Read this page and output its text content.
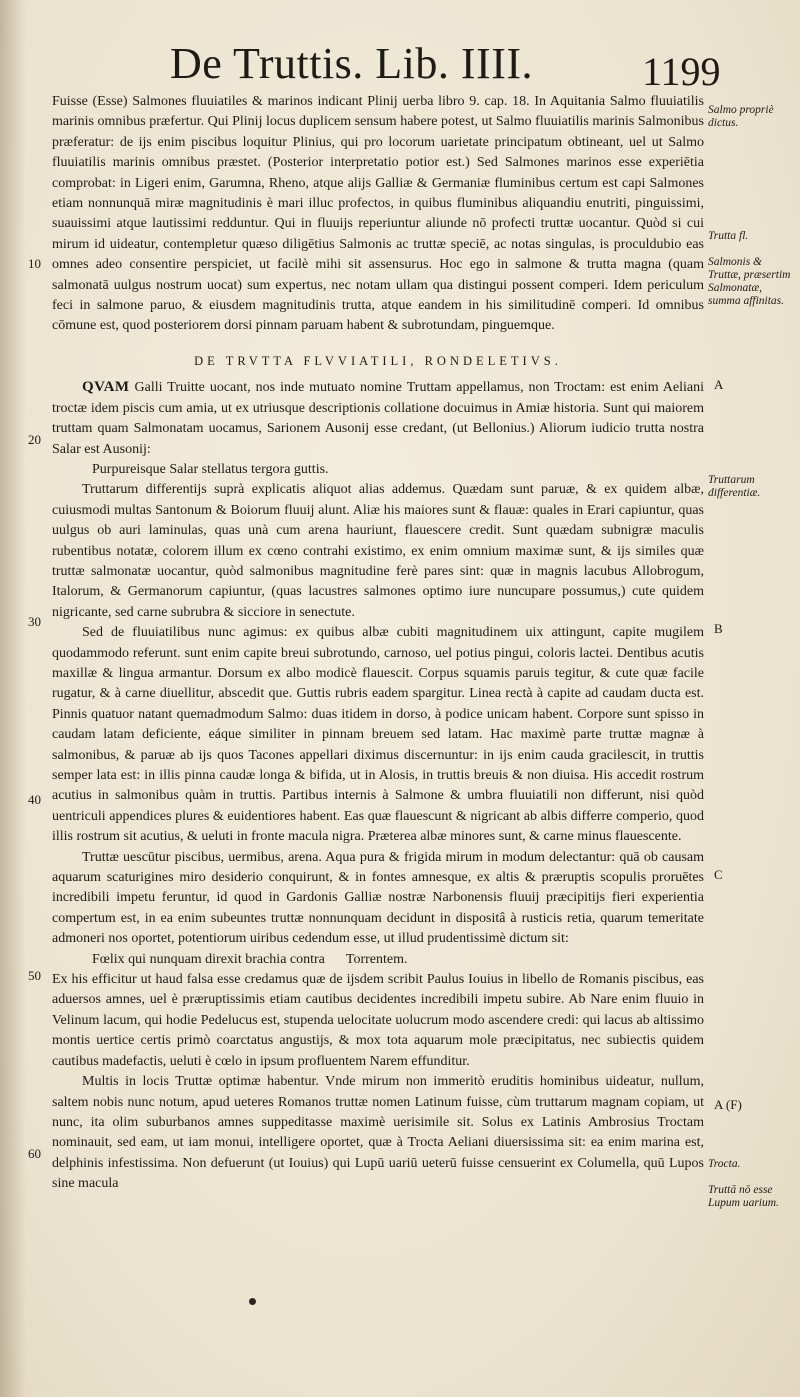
De Truttis. Lib. IIII.	1199
10
20
30
40
50
60

Fuisse (Esse) Salmones fluuiatiles & marinos indicant Plinij uerba libro 9. cap. 18. In Aquitania Salmo fluuiatilis marinis omnibus præfertur. Qui Plinij locus duplicem sensum habere potest, ut Salmo fluuiatilis marinis Salmonibus præferatur: de ijs enim piscibus loquitur Plinius, qui pro locorum uarietate principatum obtineant, uel ut Salmo fluuiatilis marinis omnibus præstet. (Posterior interpretatio potior est.) Sed Salmones marinos esse experiētia comprobat: in Ligeri enim, Garumna, Rheno, atque alijs Galliæ & Germaniæ fluminibus certum est capi Salmones etiam nonnunquā miræ magnitudinis è mari illuc profectos, in quibus fluminibus aliquandiu enutriti, pinguissimi, suauissimi atque lautissimi redduntur. Qui in fluuijs reperiuntur aliunde nō profecti truttæ uocantur. Quòd si cui mirum id uideatur, contempletur quæso diligētius Salmonis ac truttæ speciē, ac notas singulas, is proculdubio eas omnes adeo consentire perspiciet, ut facilè mihi sit assensurus. Hoc ego in salmone & trutta magna (quam salmonatā uulgus nostrum uocat) sum expertus, nec notam ullam qua distingui possent comperi. Idem periculum feci in salmone paruo, & eiusdem magnitudinis trutta, atque eandem in his similitudinē comperi. Id omnibus cōmune est, quod posteriorem dorsi pinnam paruam habent & subrotundam, pinguemque.

DE TRVTTA FLVVIATILI, RONDELETIVS.

QVAM Galli Truitte uocant, nos inde mutuato nomine Truttam appellamus, non Troctam: est enim Aeliani troctæ idem piscis cum amia, ut ex utriusque descriptionis collatione docuimus in Amiæ historia. Sunt qui maiorem truttam quam Salmonatam uocamus, Sarionem Ausonij esse credant, (ut Bellonius.) Aliorum iudicio trutta nostra Salar est Ausonij:

Purpureisque Salar stellatus tergora guttis.

Truttarum differentijs suprà explicatis aliquot alias addemus. Quædam sunt paruæ, & ex quidem albæ, cuiusmodi multas Santonum & Boiorum fluuij alunt. Aliæ his maiores sunt & flauæ: quales in Erari capiuntur, quas uulgus ob auri laminulas, quas unà cum arena hauriunt, flauescere credit. Sunt quædam subnigræ maculis rubentibus notatæ, colorem illum ex cœno contrahi existimo, ex enim omnium maximæ sunt, & ijs similes quæ truttæ salmonatæ uocantur, quòd salmonibus magnitudine ferè pares sint: quæ in magnis lacubus Allobrogum, Italorum, & Germanorum capiuntur, (quas lacustres salmones optimo iure nuncupare possumus,) cute quidem nigricante, sed carne subrubra & sicciore in senectute.

Sed de fluuiatilibus nunc agimus: ex quibus albæ cubiti magnitudinem uix attingunt, capite mugilem quodammodo referunt. sunt enim capite breui subrotundo, carnoso, uel potius pingui, coloris lactei. Dentibus acutis maxillæ & lingua armantur. Dorsum ex albo modicè flauescit. Corpus squamis paruis tegitur, & cute quæ facile rugatur, & à carne diuellitur, abscedit que. Guttis rubris eadem spargitur. Linea rectà à capite ad caudam ducta est. Pinnis quatuor natant quemadmodum Salmo: duas itidem in dorso, à podice unicam habent. Corpore sunt spisso in caudam latam deficiente, eáque similiter in pinnam breuem sed latam. Hac maximè parte truttæ magnæ à salmonibus, & paruæ ab ijs quos Tacones appellari diximus discernuntur: in ijs enim cauda gracilescit, in truttis semper lata est: in illis pinna caudæ longa & bifida, ut in Alosis, in truttis breuis & non diuisa. His accedit rostrum acutius in salmonibus quàm in truttis. Partibus internis à Salmone & umbra fluuiatili non differunt, nisi quòd uentriculi appendices plures & euidentiores habent. Eas quæ flauescunt & nigricant ab albis differre comperio, quod illis rostrum sit acutius, & ueluti in fronte macula nigra. Præterea albæ minores sunt, & carne minus flauescente.

Truttæ uescūtur piscibus, uermibus, arena. Aqua pura & frigida mirum in modum delectantur: quā ob causam aquarum scaturigines miro desiderio conquirunt, & in fontes amnesque, ex altis & præruptis scopulis proruētes incredibili impetu feruntur, id quod in Gardonis Galliæ nostræ Narbonensis fluuij præcipitijs fieri experientia compertum est, in ea enim subeuntes truttæ nonnunquam decidunt in dispositâ à rusticis retia, quarum temeritate admoneri nos oportet, potentiorum uiribus cedendum esse, ut illud prudentissimè dictum sit:

Fœlix qui nunquam direxit brachia contra Torrentem.

Ex his efficitur ut haud falsa esse credamus quæ de ijsdem scribit Paulus Iouius in libello de Romanis piscibus, eas aduersos amnes, uel è præruptissimis etiam cautibus decidentes incredibili impetu subire. Ab Nare enim fluuio in Velinum lacum, qui hodie Pedelucus est, stupenda uelocitate uolucrum modo ascendere credi: qui lacus ab altissimo montis uertice certis primò coarctatus angustijs, & mox tota aquarum mole præcipitatus, nec subiectis quidem cautibus madefactis, ueluti è cœlo in ipsum profluentem Narem effunditur.

Multis in locis Truttæ optimæ habentur. Vnde mirum non immeritò eruditis hominibus uideatur, nullum, saltem nobis nunc notum, apud ueteres Romanos truttæ nomen Latinum fuisse, cùm truttarum magnam copiam, ut nunc, ita olim suburbanos amnes suppeditasse maximè uerisimile sit. Solus ex Latinis Ambrosius Troctam nominauit, sed eam, ut iam monui, intelligere oportet, quæ à Trocta Aeliani diuersissima sit: ea enim marina est, delphinis infestissima. Non defuerunt (ut Iouius) qui Lupū uariū ueterū fuisse censuerint ex Columella, quū Lupos sine macula

Salmo propriè dictus.
Trutta fl.
Salmonis & Truttæ, præsertim Salmonatæ, summa affinitas.
A
Truttarum differentiæ.
B
C
A (F)
Trocta.
Truttā nō esse Lupum uarium.
